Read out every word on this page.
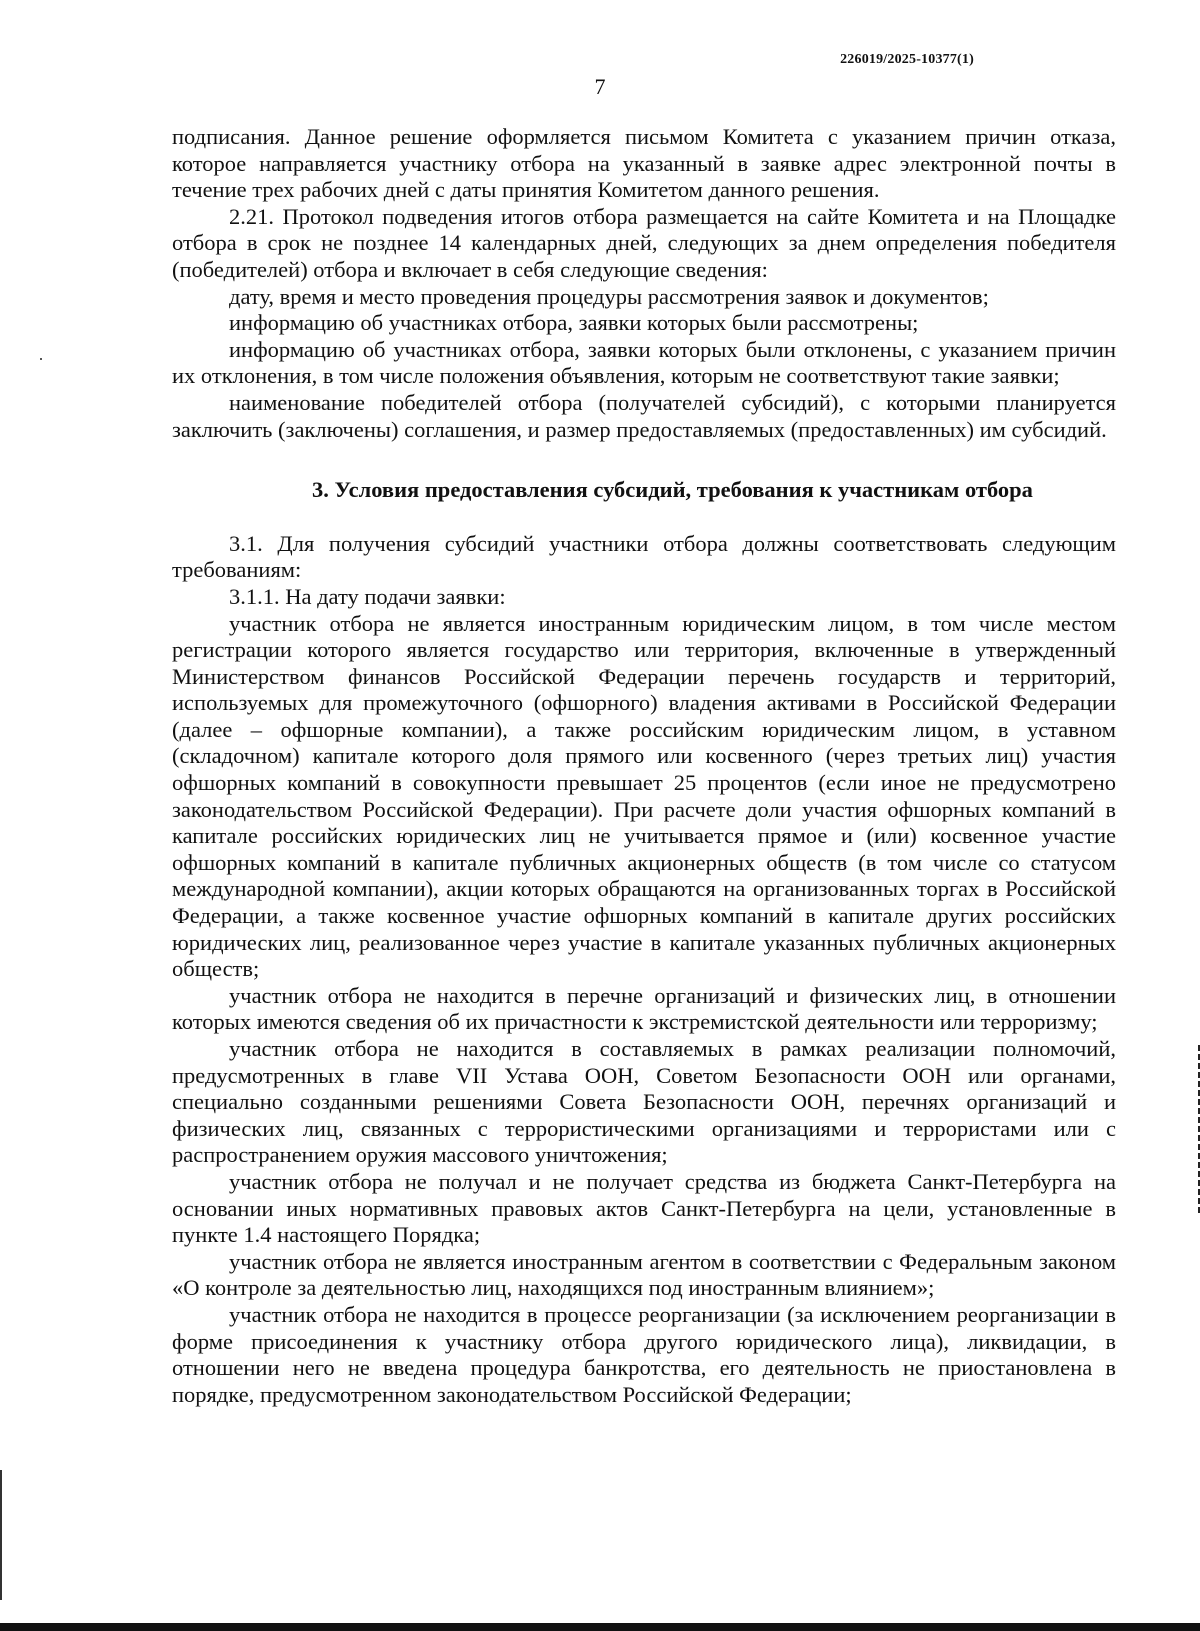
226019/2025-10377(1)
7

подписания. Данное решение оформляется письмом Комитета с указанием причин отказа, которое направляется участнику отбора на указанный в заявке адрес электронной почты в течение трех рабочих дней с даты принятия Комитетом данного решения.

2.21. Протокол подведения итогов отбора размещается на сайте Комитета и на Площадке отбора в срок не позднее 14 календарных дней, следующих за днем определения победителя (победителей) отбора и включает в себя следующие сведения:

дату, время и место проведения процедуры рассмотрения заявок и документов;

информацию об участниках отбора, заявки которых были рассмотрены;

информацию об участниках отбора, заявки которых были отклонены, с указанием причин их отклонения, в том числе положения объявления, которым не соответствуют такие заявки;

наименование победителей отбора (получателей субсидий), с которыми планируется заключить (заключены) соглашения, и размер предоставляемых (предоставленных) им субсидий.

3. Условия предоставления субсидий, требования к участникам отбора

3.1. Для получения субсидий участники отбора должны соответствовать следующим требованиям:

3.1.1. На дату подачи заявки:

участник отбора не является иностранным юридическим лицом, в том числе местом регистрации которого является государство или территория, включенные в утвержденный Министерством финансов Российской Федерации перечень государств и территорий, используемых для промежуточного (офшорного) владения активами в Российской Федерации (далее – офшорные компании), а также российским юридическим лицом, в уставном (складочном) капитале которого доля прямого или косвенного (через третьих лиц) участия офшорных компаний в совокупности превышает 25 процентов (если иное не предусмотрено законодательством Российской Федерации). При расчете доли участия офшорных компаний в капитале российских юридических лиц не учитывается прямое и (или) косвенное участие офшорных компаний в капитале публичных акционерных обществ (в том числе со статусом международной компании), акции которых обращаются на организованных торгах в Российской Федерации, а также косвенное участие офшорных компаний в капитале других российских юридических лиц, реализованное через участие в капитале указанных публичных акционерных обществ;

участник отбора не находится в перечне организаций и физических лиц, в отношении которых имеются сведения об их причастности к экстремистской деятельности или терроризму;

участник отбора не находится в составляемых в рамках реализации полномочий, предусмотренных в главе VII Устава ООН, Советом Безопасности ООН или органами, специально созданными решениями Совета Безопасности ООН, перечнях организаций и физических лиц, связанных с террористическими организациями и террористами или с распространением оружия массового уничтожения;

участник отбора не получал и не получает средства из бюджета Санкт-Петербурга на основании иных нормативных правовых актов Санкт-Петербурга на цели, установленные в пункте 1.4 настоящего Порядка;

участник отбора не является иностранным агентом в соответствии с Федеральным законом «О контроле за деятельностью лиц, находящихся под иностранным влиянием»;

участник отбора не находится в процессе реорганизации (за исключением реорганизации в форме присоединения к участнику отбора другого юридического лица), ликвидации, в отношении него не введена процедура банкротства, его деятельность не приостановлена в порядке, предусмотренном законодательством Российской Федерации;
